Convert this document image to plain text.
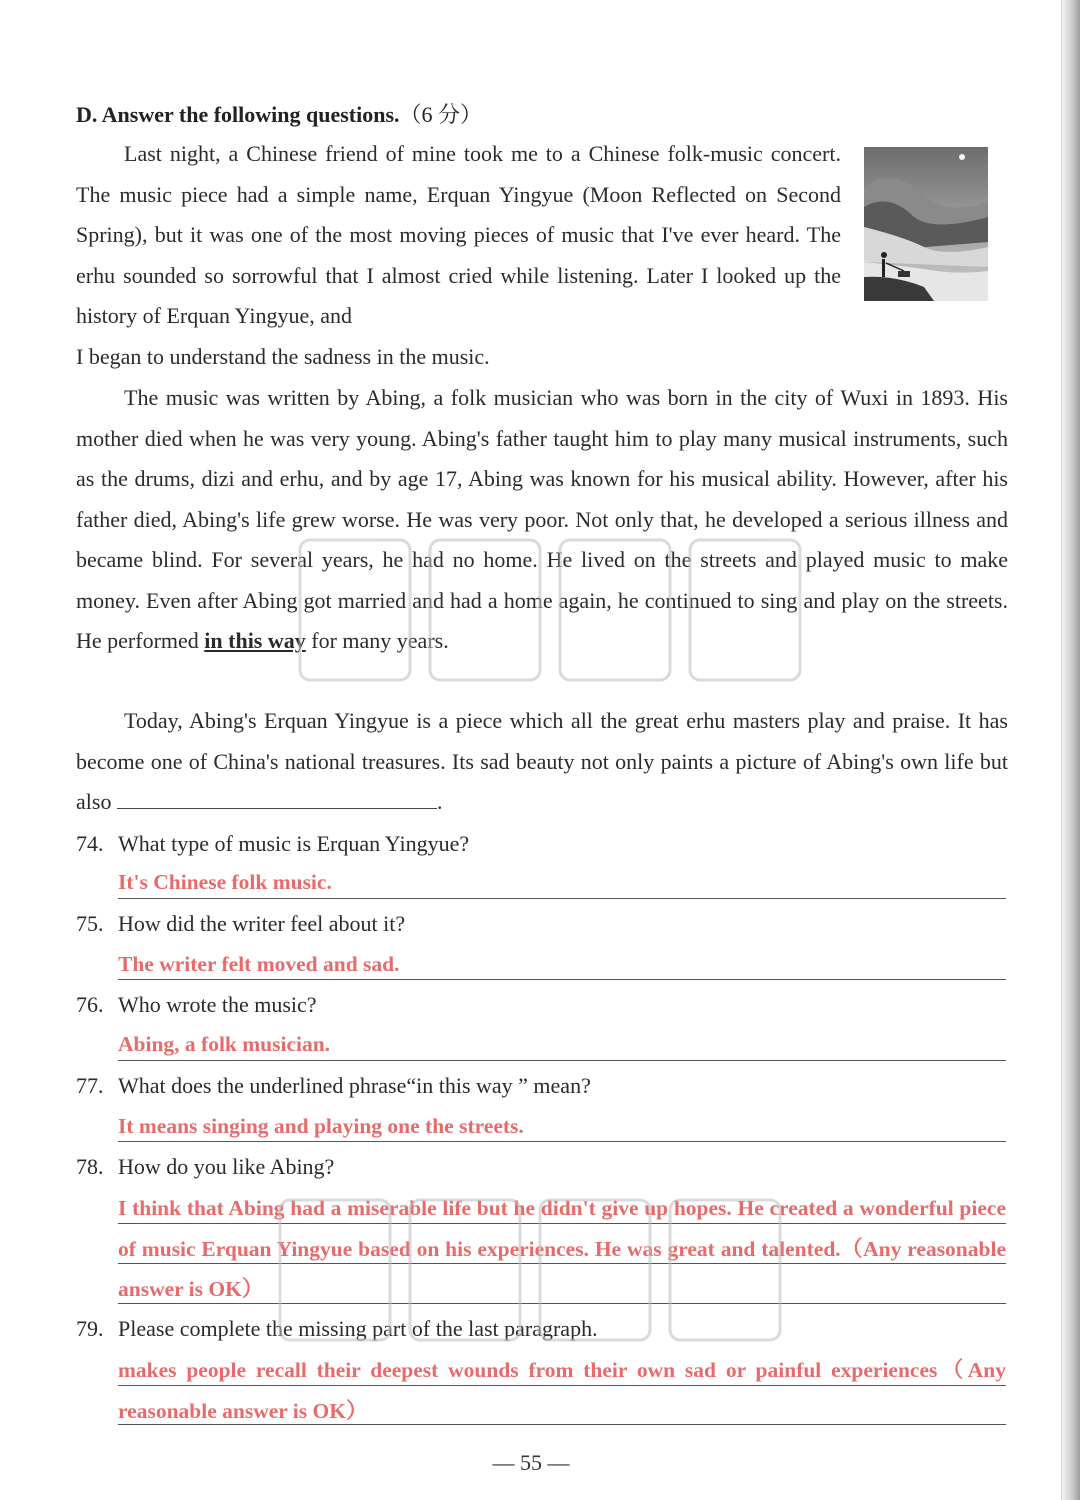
D. Answer the following questions.（6 分）
Last night, a Chinese friend of mine took me to a Chinese folk-music concert. The music piece had a simple name, Erquan Yingyue (Moon Reflected on Second Spring), but it was one of the most moving pieces of music that I've ever heard. The erhu sounded so sorrowful that I almost cried while listening. Later I looked up the history of Erquan Yingyue, and
I began to understand the sadness in the music.
The music was written by Abing, a folk musician who was born in the city of Wuxi in 1893. His mother died when he was very young. Abing's father taught him to play many musical instruments, such as the drums, dizi and erhu, and by age 17, Abing was known for his musical ability. However, after his father died, Abing's life grew worse. He was very poor. Not only that, he developed a serious illness and became blind. For several years, he had no home. He lived on the streets and played music to make money. Even after Abing got married and had a home again, he continued to sing and play on the streets. He performed in this way for many years.
Today, Abing's Erquan Yingyue is a piece which all the great erhu masters play and praise. It has become one of China's national treasures. Its sad beauty not only paints a picture of Abing's own life but also	.
74. What type of music is Erquan Yingyue?
It's Chinese folk music.
75. How did the writer feel about it?
The writer felt moved and sad.
76. Who wrote the music?
Abing, a folk musician.
77. What does the underlined phrase“in this way ” mean?
It means singing and playing one the streets.
78. How do you like Abing?
I think that Abing had a miserable life but he didn't give up hopes. He created a wonderful piece of music Erquan Yingyue based on his experiences. He was great and talented.（Any reasonable answer is OK）
79. Please complete the missing part of the last paragraph.
makes people recall their deepest wounds from their own sad or painful experiences（Any reasonable answer is OK）
— 55 —
